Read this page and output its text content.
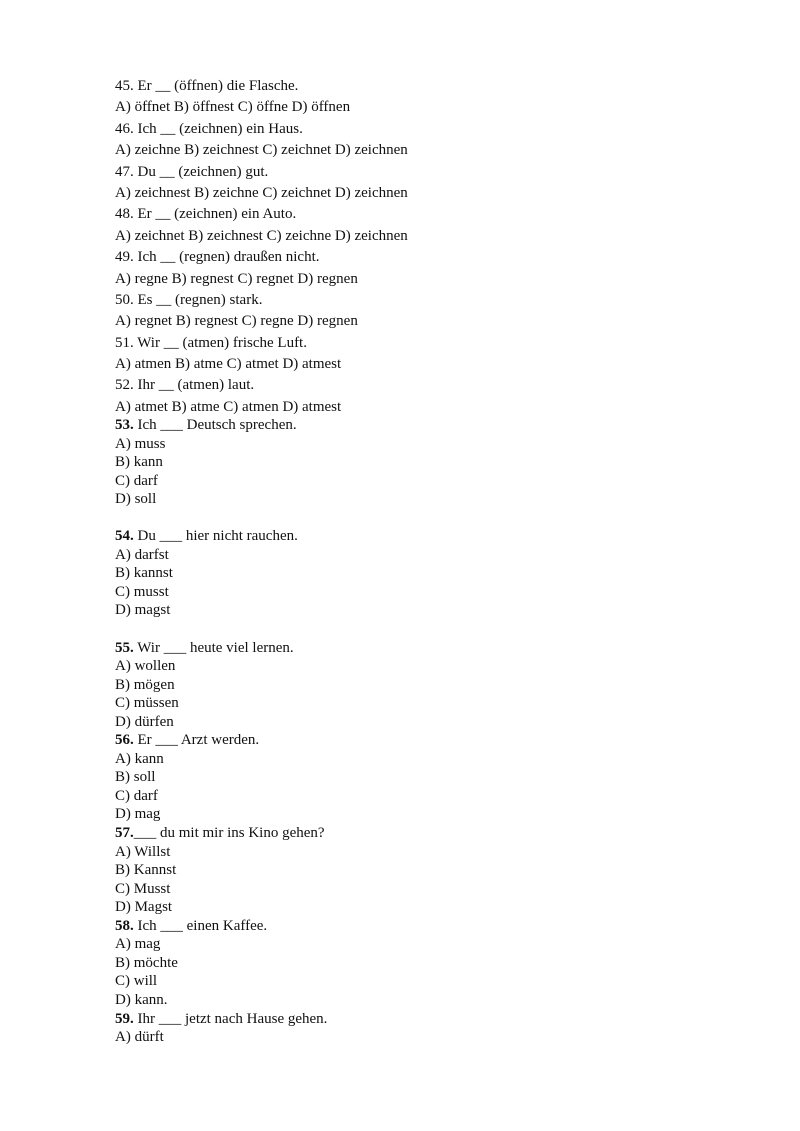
45. Er __ (öffnen) die Flasche.
A) öffnet B) öffnest C) öffne D) öffnen
46. Ich __ (zeichnen) ein Haus.
A) zeichne B) zeichnest C) zeichnet D) zeichnen
47. Du __ (zeichnen) gut.
A) zeichnest B) zeichne C) zeichnet D) zeichnen
48. Er __ (zeichnen) ein Auto.
A) zeichnet B) zeichnest C) zeichne D) zeichnen
49. Ich __ (regnen) draußen nicht.
A) regne B) regnest C) regnet D) regnen
50. Es __ (regnen) stark.
A) regnet B) regnest C) regne D) regnen
51. Wir __ (atmen) frische Luft.
A) atmen B) atme C) atmet D) atmest
52. Ihr __ (atmen) laut.
A) atmet B) atme C) atmen D) atmest
53. Ich ___ Deutsch sprechen.
A) muss
B) kann
C) darf
D) soll
54. Du ___ hier nicht rauchen.
A) darfst
B) kannst
C) musst
D) magst
55. Wir ___ heute viel lernen.
A) wollen
B) mögen
C) müssen
D) dürfen
56. Er ___ Arzt werden.
A) kann
B) soll
C) darf
D) mag
57.___ du mit mir ins Kino gehen?
A) Willst
B) Kannst
C) Musst
D) Magst
58. Ich ___ einen Kaffee.
A) mag
B) möchte
C) will
D) kann.
59. Ihr ___ jetzt nach Hause gehen.
A) dürft
